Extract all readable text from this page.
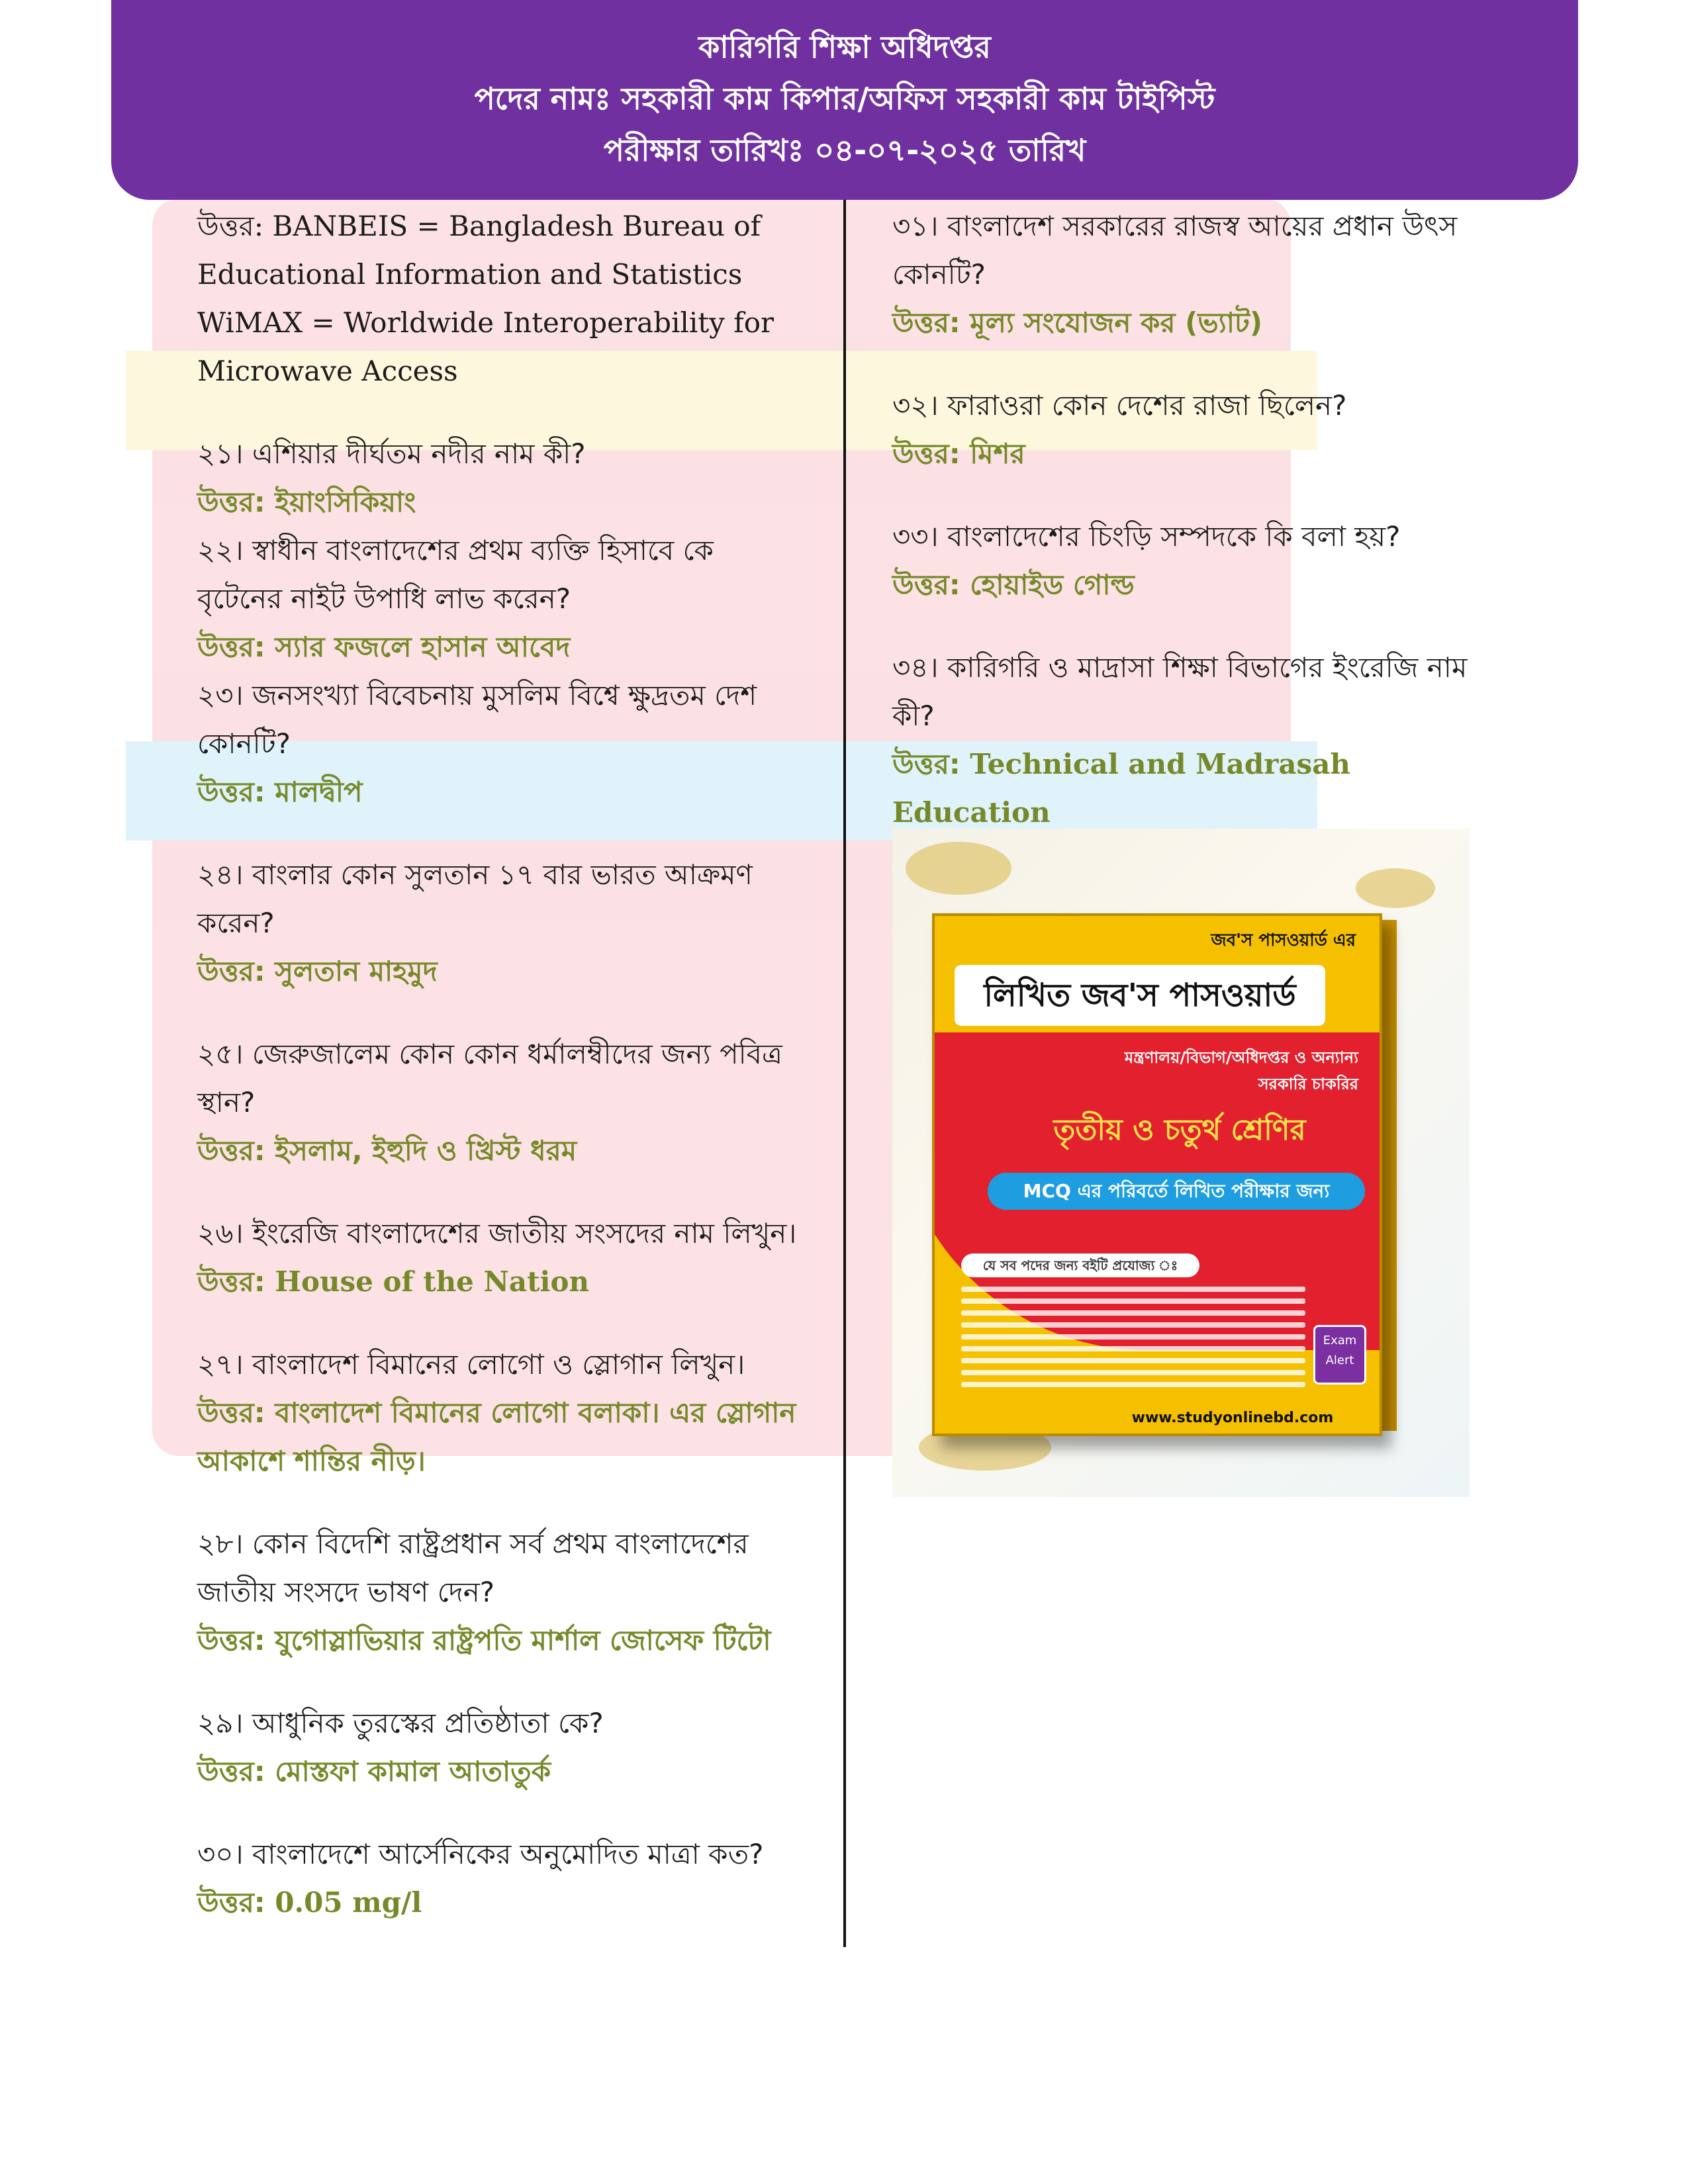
কারিগরি শিক্ষা অধিদপ্তর
পদের নামঃ সহকারী কাম কিপার/অফিস সহকারী কাম টাইপিস্ট
পরীক্ষার তারিখঃ ০৪-০৭-২০২৫ তারিখ

উত্তর: BANBEIS = Bangladesh Bureau of

Educational Information and Statistics

WiMAX = Worldwide Interoperability for

Microwave Access

২১। এশিয়ার দীর্ঘতম নদীর নাম কী?

উত্তর: ইয়াংসিকিয়াং

২২। স্বাধীন বাংলাদেশের প্রথম ব্যক্তি হিসাবে কে

বৃটেনের নাইট উপাধি লাভ করেন?

উত্তর: স্যার ফজলে হাসান আবেদ

২৩। জনসংখ্যা বিবেচনায় মুসলিম বিশ্বে ক্ষুদ্রতম দেশ

কোনটি?

উত্তর: মালদ্বীপ

২৪। বাংলার কোন সুলতান ১৭ বার ভারত আক্রমণ

করেন?

উত্তর: সুলতান মাহমুদ

২৫। জেরুজালেম কোন কোন ধর্মালম্বীদের জন্য পবিত্র

স্থান?

উত্তর: ইসলাম, ইহুদি ও খ্রিস্ট ধরম

২৬। ইংরেজি বাংলাদেশের জাতীয় সংসদের নাম লিখুন।

উত্তর: House of the Nation

২৭। বাংলাদেশ বিমানের লোগো ও স্লোগান লিখুন।

উত্তর: বাংলাদেশ বিমানের লোগো বলাকা। এর স্লোগান

আকাশে শান্তির নীড়।

২৮। কোন বিদেশি রাষ্ট্রপ্রধান সর্ব প্রথম বাংলাদেশের

জাতীয় সংসদে ভাষণ দেন?

উত্তর: যুগোস্লাভিয়ার রাষ্ট্রপতি মার্শাল জোসেফ টিটো

২৯। আধুনিক তুরস্কের প্রতিষ্ঠাতা কে?

উত্তর: মোস্তফা কামাল আতাতুর্ক

৩০। বাংলাদেশে আর্সেনিকের অনুমোদিত মাত্রা কত?

উত্তর: 0.05 mg/l

৩১। বাংলাদেশ সরকারের রাজস্ব আয়ের প্রধান উৎস

কোনটি?

উত্তর: মূল্য সংযোজন কর (ভ্যাট)

৩২। ফারাওরা কোন দেশের রাজা ছিলেন?

উত্তর: মিশর

৩৩। বাংলাদেশের চিংড়ি সম্পদকে কি বলা হয়?

উত্তর: হোয়াইড গোল্ড

৩৪। কারিগরি ও মাদ্রাসা শিক্ষা বিভাগের ইংরেজি নাম

কী?

উত্তর: Technical and Madrasah Education

জব'স পাসওয়ার্ড এর
লিখিত জব'স পাসওয়ার্ড
মন্ত্রণালয়/বিভাগ/অধিদপ্তর ও অন্যান্য
সরকারি চাকরির
তৃতীয় ও চতুর্থ শ্রেণির
MCQ এর পরিবর্তে লিখিত পরীক্ষার জন্য
যে সব পদের জন্য বইটি প্রযোজ্য ঃ
Exam
Alert
www.studyonlinebd.com
